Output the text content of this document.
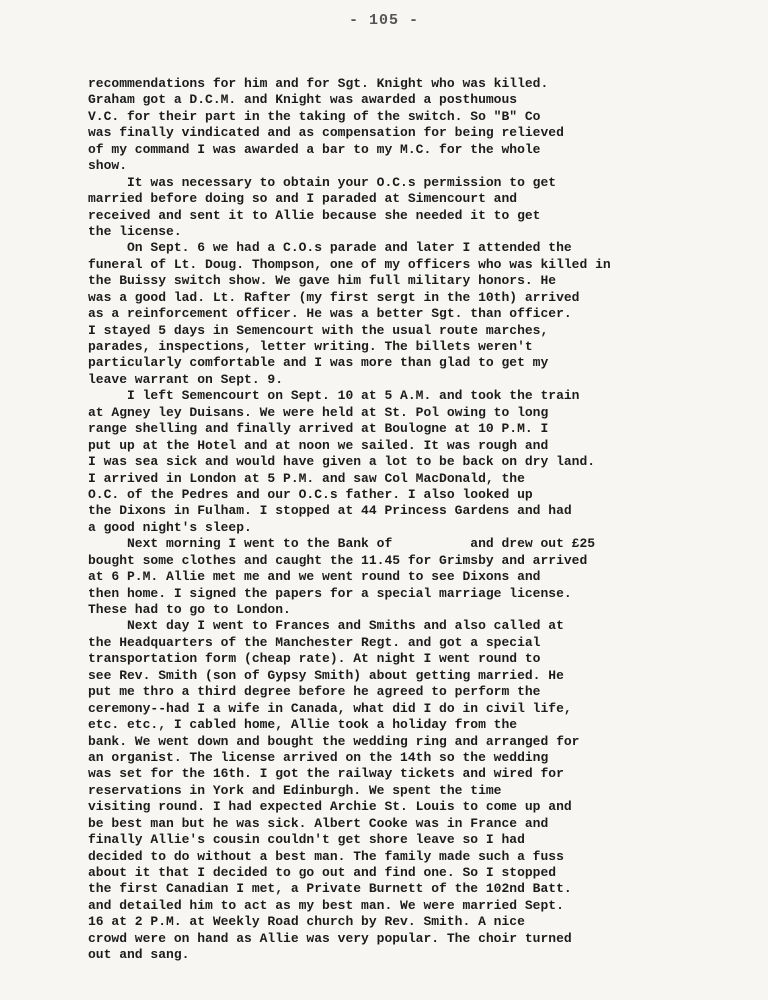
- 105 -
recommendations for him and for Sgt. Knight who was killed.
Graham got a D.C.M. and Knight was awarded a posthumous
V.C. for their part in the taking of the switch. So "B" Co
was finally vindicated and as compensation for being relieved
of my command I was awarded a bar to my M.C. for the whole
show.
It was necessary to obtain your O.C.s permission to get
married before doing so and I paraded at Simencourt and
received and sent it to Allie because she needed it to get
the license.
On Sept. 6 we had a C.O.s parade and later I attended the
funeral of Lt. Doug. Thompson, one of my officers who was killed in
the Buissy switch show. We gave him full military honors. He
was a good lad. Lt. Rafter (my first sergt in the 10th) arrived
as a reinforcement officer. He was a better Sgt. than officer.
I stayed 5 days in Semencourt with the usual route marches,
parades, inspections, letter writing. The billets weren't
particularly comfortable and I was more than glad to get my
leave warrant on Sept. 9.
I left Semencourt on Sept. 10 at 5 A.M. and took the train
at Agney ley Duisans. We were held at St. Pol owing to long
range shelling and finally arrived at Boulogne at 10 P.M. I
put up at the Hotel and at noon we sailed. It was rough and
I was sea sick and would have given a lot to be back on dry land.
I arrived in London at 5 P.M. and saw Col MacDonald, the
O.C. of the Pedres and our O.C.s father. I also looked up
the Dixons in Fulham. I stopped at 44 Princess Gardens and had
a good night's sleep.
Next morning I went to the Bank of          and drew out £25
bought some clothes and caught the 11.45 for Grimsby and arrived
at 6 P.M. Allie met me and we went round to see Dixons and
then home. I signed the papers for a special marriage license.
These had to go to London.
Next day I went to Frances and Smiths and also called at
the Headquarters of the Manchester Regt. and got a special
transportation form (cheap rate). At night I went round to
see Rev. Smith (son of Gypsy Smith) about getting married. He
put me thro a third degree before he agreed to perform the
ceremony--had I a wife in Canada, what did I do in civil life,
etc. etc., I cabled home, Allie took a holiday from the
bank. We went down and bought the wedding ring and arranged for
an organist. The license arrived on the 14th so the wedding
was set for the 16th. I got the railway tickets and wired for
reservations in York and Edinburgh. We spent the time
visiting round. I had expected Archie St. Louis to come up and
be best man but he was sick. Albert Cooke was in France and
finally Allie's cousin couldn't get shore leave so I had
decided to do without a best man. The family made such a fuss
about it that I decided to go out and find one. So I stopped
the first Canadian I met, a Private Burnett of the 102nd Batt.
and detailed him to act as my best man. We were married Sept.
16 at 2 P.M. at Weekly Road church by Rev. Smith. A nice
crowd were on hand as Allie was very popular. The choir turned
out and sang.
